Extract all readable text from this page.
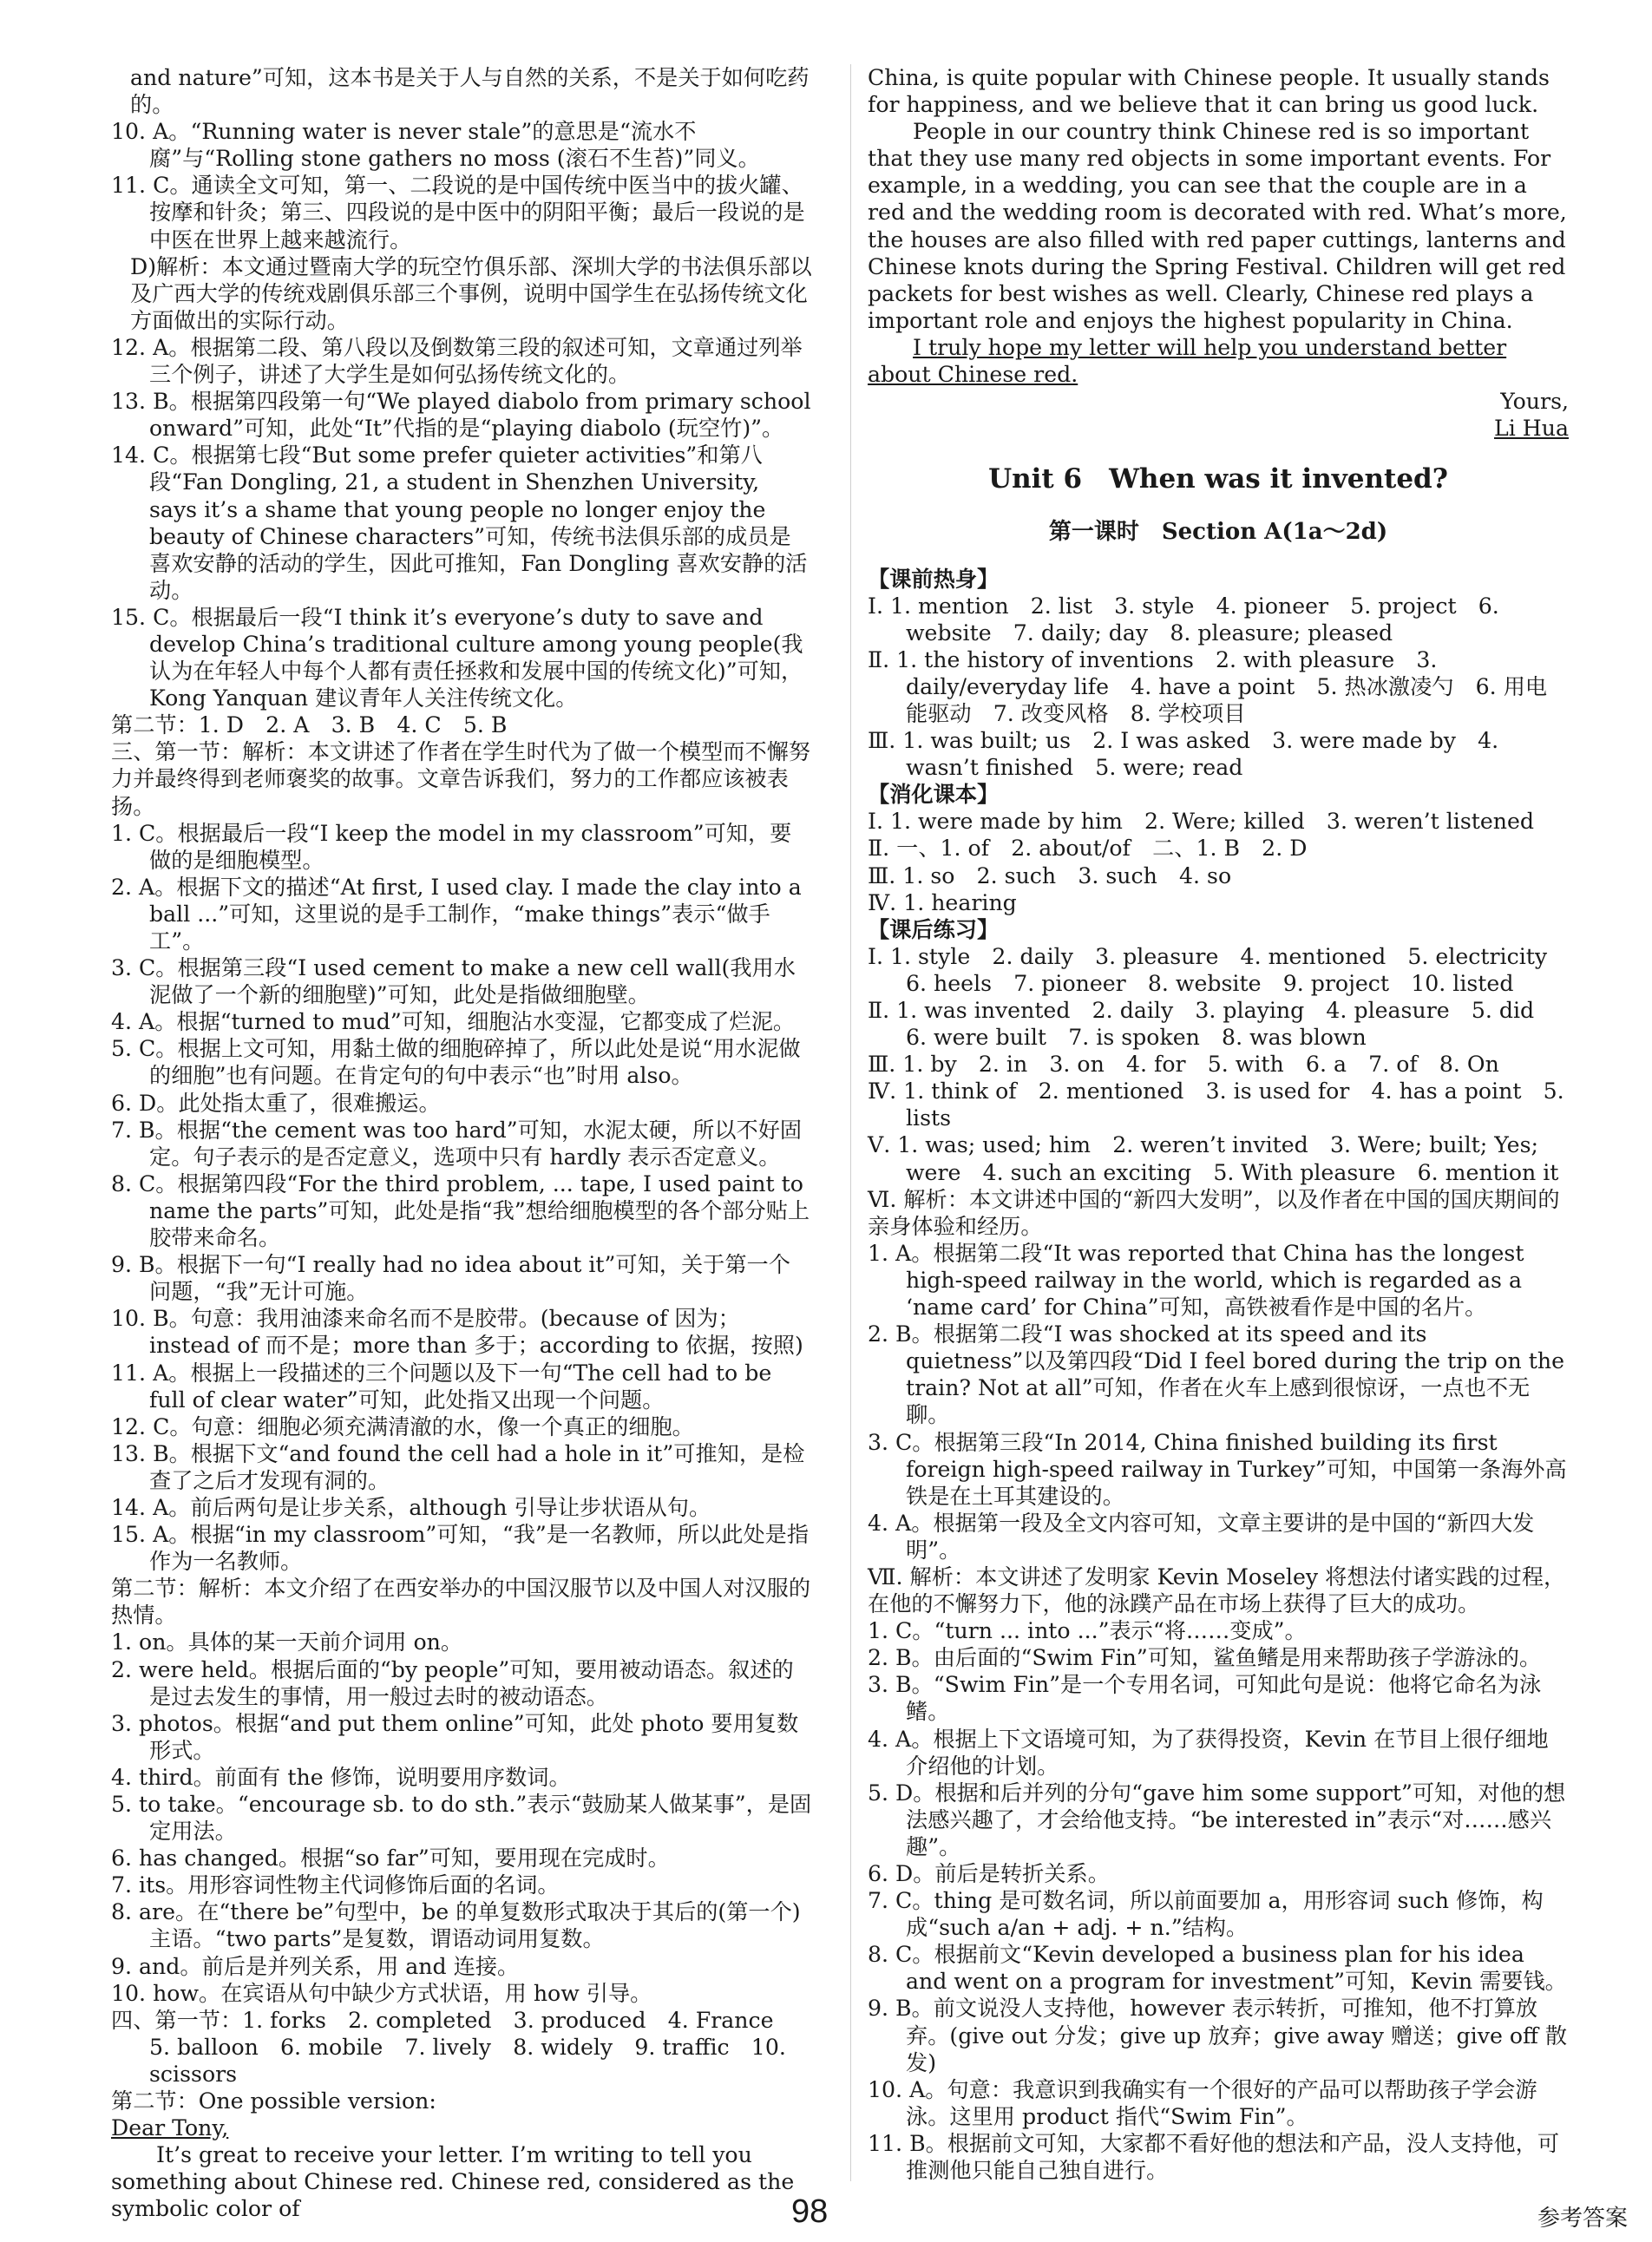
and nature”可知，这本书是关于人与自然的关系，不是关于如何吃药的。

10. A。“Running water is never stale”的意思是“流水不腐”与“Rolling stone gathers no moss (滚石不生苔)”同义。

11. C。通读全文可知，第一、二段说的是中国传统中医当中的拔火罐、按摩和针灸；第三、四段说的是中医中的阴阳平衡；最后一段说的是中医在世界上越来越流行。

D)解析：本文通过暨南大学的玩空竹俱乐部、深圳大学的书法俱乐部以及广西大学的传统戏剧俱乐部三个事例，说明中国学生在弘扬传统文化方面做出的实际行动。

12. A。根据第二段、第八段以及倒数第三段的叙述可知，文章通过列举三个例子，讲述了大学生是如何弘扬传统文化的。

13. B。根据第四段第一句“We played diabolo from primary school onward”可知，此处“It”代指的是“playing diabolo (玩空竹)”。

14. C。根据第七段“But some prefer quieter activities”和第八段“Fan Dongling, 21, a student in Shenzhen University, says it’s a shame that young people no longer enjoy the beauty of Chinese characters”可知，传统书法俱乐部的成员是喜欢安静的活动的学生，因此可推知，Fan Dongling 喜欢安静的活动。

15. C。根据最后一段“I think it’s everyone’s duty to save and develop China’s traditional culture among young people(我认为在年轻人中每个人都有责任拯救和发展中国的传统文化)”可知，Kong Yanquan 建议青年人关注传统文化。

第二节：1. D　2. A　3. B　4. C　5. B

三、第一节：解析：本文讲述了作者在学生时代为了做一个模型而不懈努力并最终得到老师褒奖的故事。文章告诉我们，努力的工作都应该被表扬。

1. C。根据最后一段“I keep the model in my classroom”可知，要做的是细胞模型。

2. A。根据下文的描述“At first, I used clay. I made the clay into a ball ...”可知，这里说的是手工制作，“make things”表示“做手工”。

3. C。根据第三段“I used cement to make a new cell wall(我用水泥做了一个新的细胞壁)”可知，此处是指做细胞壁。

4. A。根据“turned to mud”可知，细胞沾水变湿，它都变成了烂泥。

5. C。根据上文可知，用黏土做的细胞碎掉了，所以此处是说“用水泥做的细胞”也有问题。在肯定句的句中表示“也”时用 also。

6. D。此处指太重了，很难搬运。

7. B。根据“the cement was too hard”可知，水泥太硬，所以不好固定。句子表示的是否定意义，选项中只有 hardly 表示否定意义。

8. C。根据第四段“For the third problem, ... tape, I used paint to name the parts”可知，此处是指“我”想给细胞模型的各个部分贴上胶带来命名。

9. B。根据下一句“I really had no idea about it”可知，关于第一个问题，“我”无计可施。

10. B。句意：我用油漆来命名而不是胶带。(because of 因为；instead of 而不是；more than 多于；according to 依据，按照)

11. A。根据上一段描述的三个问题以及下一句“The cell had to be full of clear water”可知，此处指又出现一个问题。

12. C。句意：细胞必须充满清澈的水，像一个真正的细胞。

13. B。根据下文“and found the cell had a hole in it”可推知，是检查了之后才发现有洞的。

14. A。前后两句是让步关系，although 引导让步状语从句。

15. A。根据“in my classroom”可知，“我”是一名教师，所以此处是指作为一名教师。

第二节：解析：本文介绍了在西安举办的中国汉服节以及中国人对汉服的热情。

1. on。具体的某一天前介词用 on。

2. were held。根据后面的“by people”可知，要用被动语态。叙述的是过去发生的事情，用一般过去时的被动语态。

3. photos。根据“and put them online”可知，此处 photo 要用复数形式。

4. third。前面有 the 修饰，说明要用序数词。

5. to take。“encourage sb. to do sth.”表示“鼓励某人做某事”，是固定用法。

6. has changed。根据“so far”可知，要用现在完成时。

7. its。用形容词性物主代词修饰后面的名词。

8. are。在“there be”句型中，be 的单复数形式取决于其后的(第一个)主语。“two parts”是复数，谓语动词用复数。

9. and。前后是并列关系，用 and 连接。

10. how。在宾语从句中缺少方式状语，用 how 引导。

四、第一节：1. forks　2. completed　3. produced　4. France　5. balloon　6. mobile　7. lively　8. widely　9. traffic　10. scissors

第二节：One possible version:

Dear Tony,

It’s great to receive your letter. I’m writing to tell you something about Chinese red. Chinese red, considered as the symbolic color of

China, is quite popular with Chinese people. It usually stands for happiness, and we believe that it can bring us good luck.

People in our country think Chinese red is so important that they use many red objects in some important events. For example, in a wedding, you can see that the couple are in a red and the wedding room is decorated with red. What’s more, the houses are also filled with red paper cuttings, lanterns and Chinese knots during the Spring Festival. Children will get red packets for best wishes as well. Clearly, Chinese red plays a important role and enjoys the highest popularity in China.

I truly hope my letter will help you understand better about Chinese red.

Yours,

Li Hua

Unit 6　When was it invented?
第一课时　Section A(1a～2d)

【课前热身】

Ⅰ. 1. mention　2. list　3. style　4. pioneer　5. project　6. website　7. daily; day　8. pleasure; pleased

Ⅱ. 1. the history of inventions　2. with pleasure　3. daily/everyday life　4. have a point　5. 热冰激凌勺　6. 用电能驱动　7. 改变风格　8. 学校项目

Ⅲ. 1. was built; us　2. I was asked　3. were made by　4. wasn’t finished　5. were; read

【消化课本】

Ⅰ. 1. were made by him　2. Were; killed　3. weren’t listened

Ⅱ. 一、1. of　2. about/of　二、1. B　2. D

Ⅲ. 1. so　2. such　3. such　4. so

Ⅳ. 1. hearing

【课后练习】

Ⅰ. 1. style　2. daily　3. pleasure　4. mentioned　5. electricity　6. heels　7. pioneer　8. website　9. project　10. listed

Ⅱ. 1. was invented　2. daily　3. playing　4. pleasure　5. did　6. were built　7. is spoken　8. was blown

Ⅲ. 1. by　2. in　3. on　4. for　5. with　6. a　7. of　8. On

Ⅳ. 1. think of　2. mentioned　3. is used for　4. has a point　5. lists

Ⅴ. 1. was; used; him　2. weren’t invited　3. Were; built; Yes; were　4. such an exciting　5. With pleasure　6. mention it

Ⅵ. 解析：本文讲述中国的“新四大发明”，以及作者在中国的国庆期间的亲身体验和经历。

1. A。根据第二段“It was reported that China has the longest high-speed railway in the world, which is regarded as a ‘name card’ for China”可知，高铁被看作是中国的名片。

2. B。根据第二段“I was shocked at its speed and its quietness”以及第四段“Did I feel bored during the trip on the train? Not at all”可知，作者在火车上感到很惊讶，一点也不无聊。

3. C。根据第三段“In 2014, China finished building its first foreign high-speed railway in Turkey”可知，中国第一条海外高铁是在土耳其建设的。

4. A。根据第一段及全文内容可知，文章主要讲的是中国的“新四大发明”。

Ⅶ. 解析：本文讲述了发明家 Kevin Moseley 将想法付诸实践的过程，在他的不懈努力下，他的泳蹼产品在市场上获得了巨大的成功。

1. C。“turn ... into ...”表示“将……变成”。

2. B。由后面的“Swim Fin”可知，鲨鱼鳍是用来帮助孩子学游泳的。

3. B。“Swim Fin”是一个专用名词，可知此句是说：他将它命名为泳鳍。

4. A。根据上下文语境可知，为了获得投资，Kevin 在节目上很仔细地介绍他的计划。

5. D。根据和后并列的分句“gave him some support”可知，对他的想法感兴趣了，才会给他支持。“be interested in”表示“对……感兴趣”。

6. D。前后是转折关系。

7. C。thing 是可数名词，所以前面要加 a，用形容词 such 修饰，构成“such a/an + adj. + n.”结构。

8. C。根据前文“Kevin developed a business plan for his idea and went on a program for investment”可知，Kevin 需要钱。

9. B。前文说没人支持他，however 表示转折，可推知，他不打算放弃。(give out 分发；give up 放弃；give away 赠送；give off 散发)

10. A。句意：我意识到我确实有一个很好的产品可以帮助孩子学会游泳。这里用 product 指代“Swim Fin”。

11. B。根据前文可知，大家都不看好他的想法和产品，没人支持他，可推测他只能自己独自进行。

98	参考答案
